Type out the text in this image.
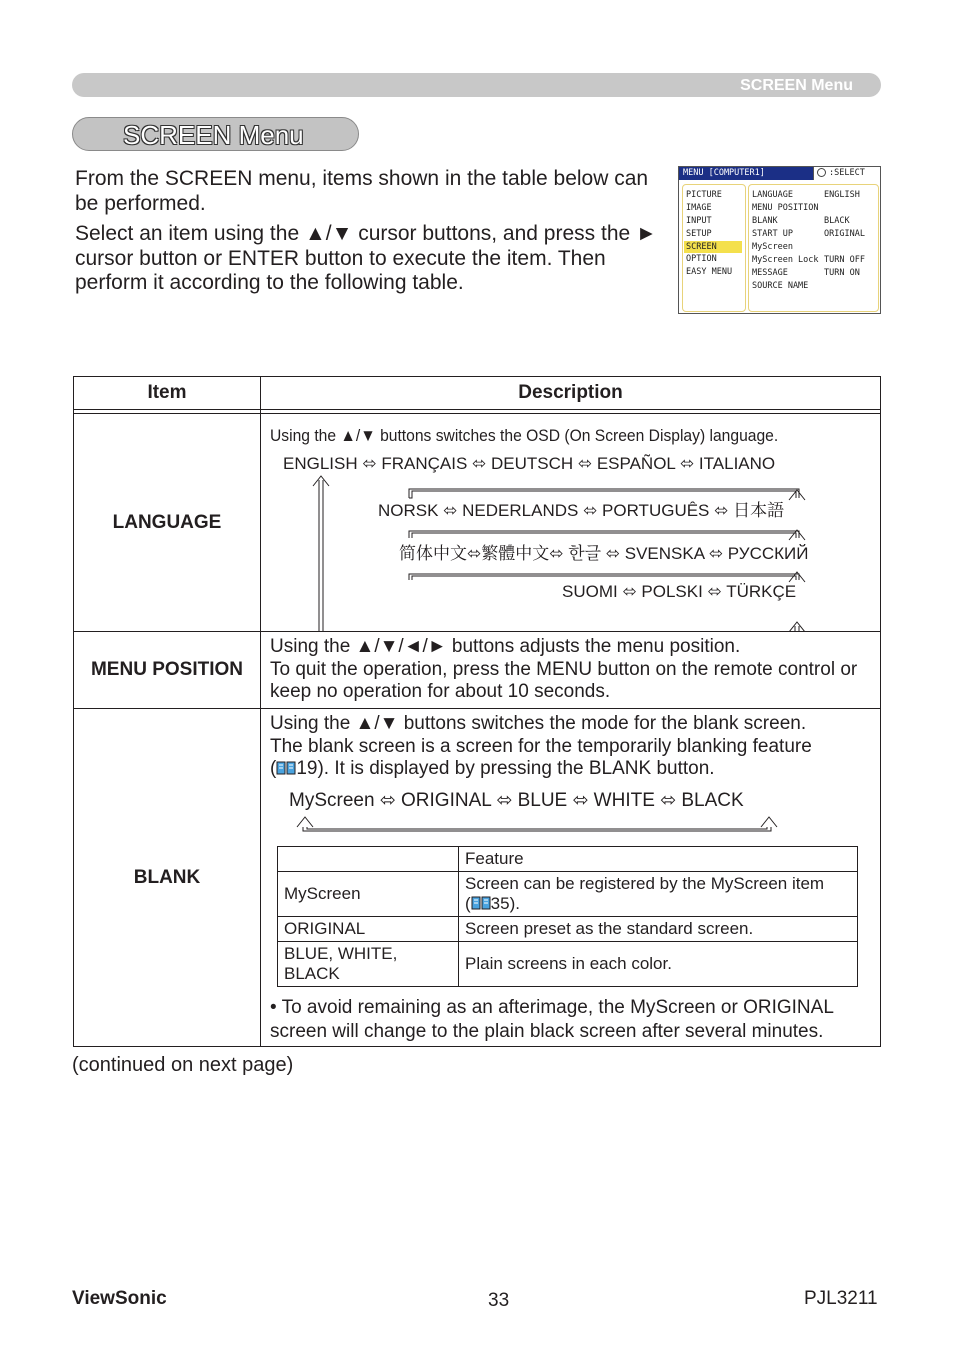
SCREEN Menu
SCREEN Menu
From the SCREEN menu, items shown in the table below can be performed.
Select an item using the ▲/▼ cursor buttons, and press the ► cursor button or ENTER button to execute the item. Then perform it according to the following table.
MENU [COMPUTER1]	:SELECT
PICTURE
IMAGE
INPUT
SETUP
SCREEN
OPTION
EASY MENU
LANGUAGE	ENGLISH
MENU POSITION
BLANK	BLACK
START UP	ORIGINAL
MyScreen
MyScreen Lock TURN OFF
MESSAGE	TURN ON
SOURCE NAME
Item	Description

LANGUAGE	
Using the ▲/▼ buttons switches the OSD (On Screen Display) language.
ENGLISH ⬄ FRANÇAIS ⬄ DEUTSCH ⬄ ESPAÑOL ⬄ ITALIANO
NORSK ⬄ NEDERLANDS ⬄ PORTUGUÊS ⬄ 日本語
简体中文⬄繁體中文⬄ 한글 ⬄ SVENSKA ⬄ РУССКИЙ
SUOMI ⬄ POLSKI ⬄ TÜRKÇE

MENU POSITION	
Using the ▲/▼/◄/► buttons adjusts the menu position.
To quit the operation, press the MENU button on the remote control or keep no operation for about 10 seconds.

BLANK	
Using the ▲/▼ buttons switches the mode for the blank screen.
The blank screen is a screen for the temporarily blanking feature
( 19). It is displayed by pressing the BLANK button.
MyScreen ⬄ ORIGINAL ⬄ BLUE ⬄ WHITE ⬄ BLACK
	Feature
MyScreen	Screen can be registered by the MyScreen item
( 35).
ORIGINAL	Screen preset as the standard screen.
BLUE, WHITE, BLACK	Plain screens in each color.
• To avoid remaining as an afterimage, the MyScreen or ORIGINAL screen will change to the plain black screen after several minutes.
(continued on next page)
ViewSonic	33	PJL3211
